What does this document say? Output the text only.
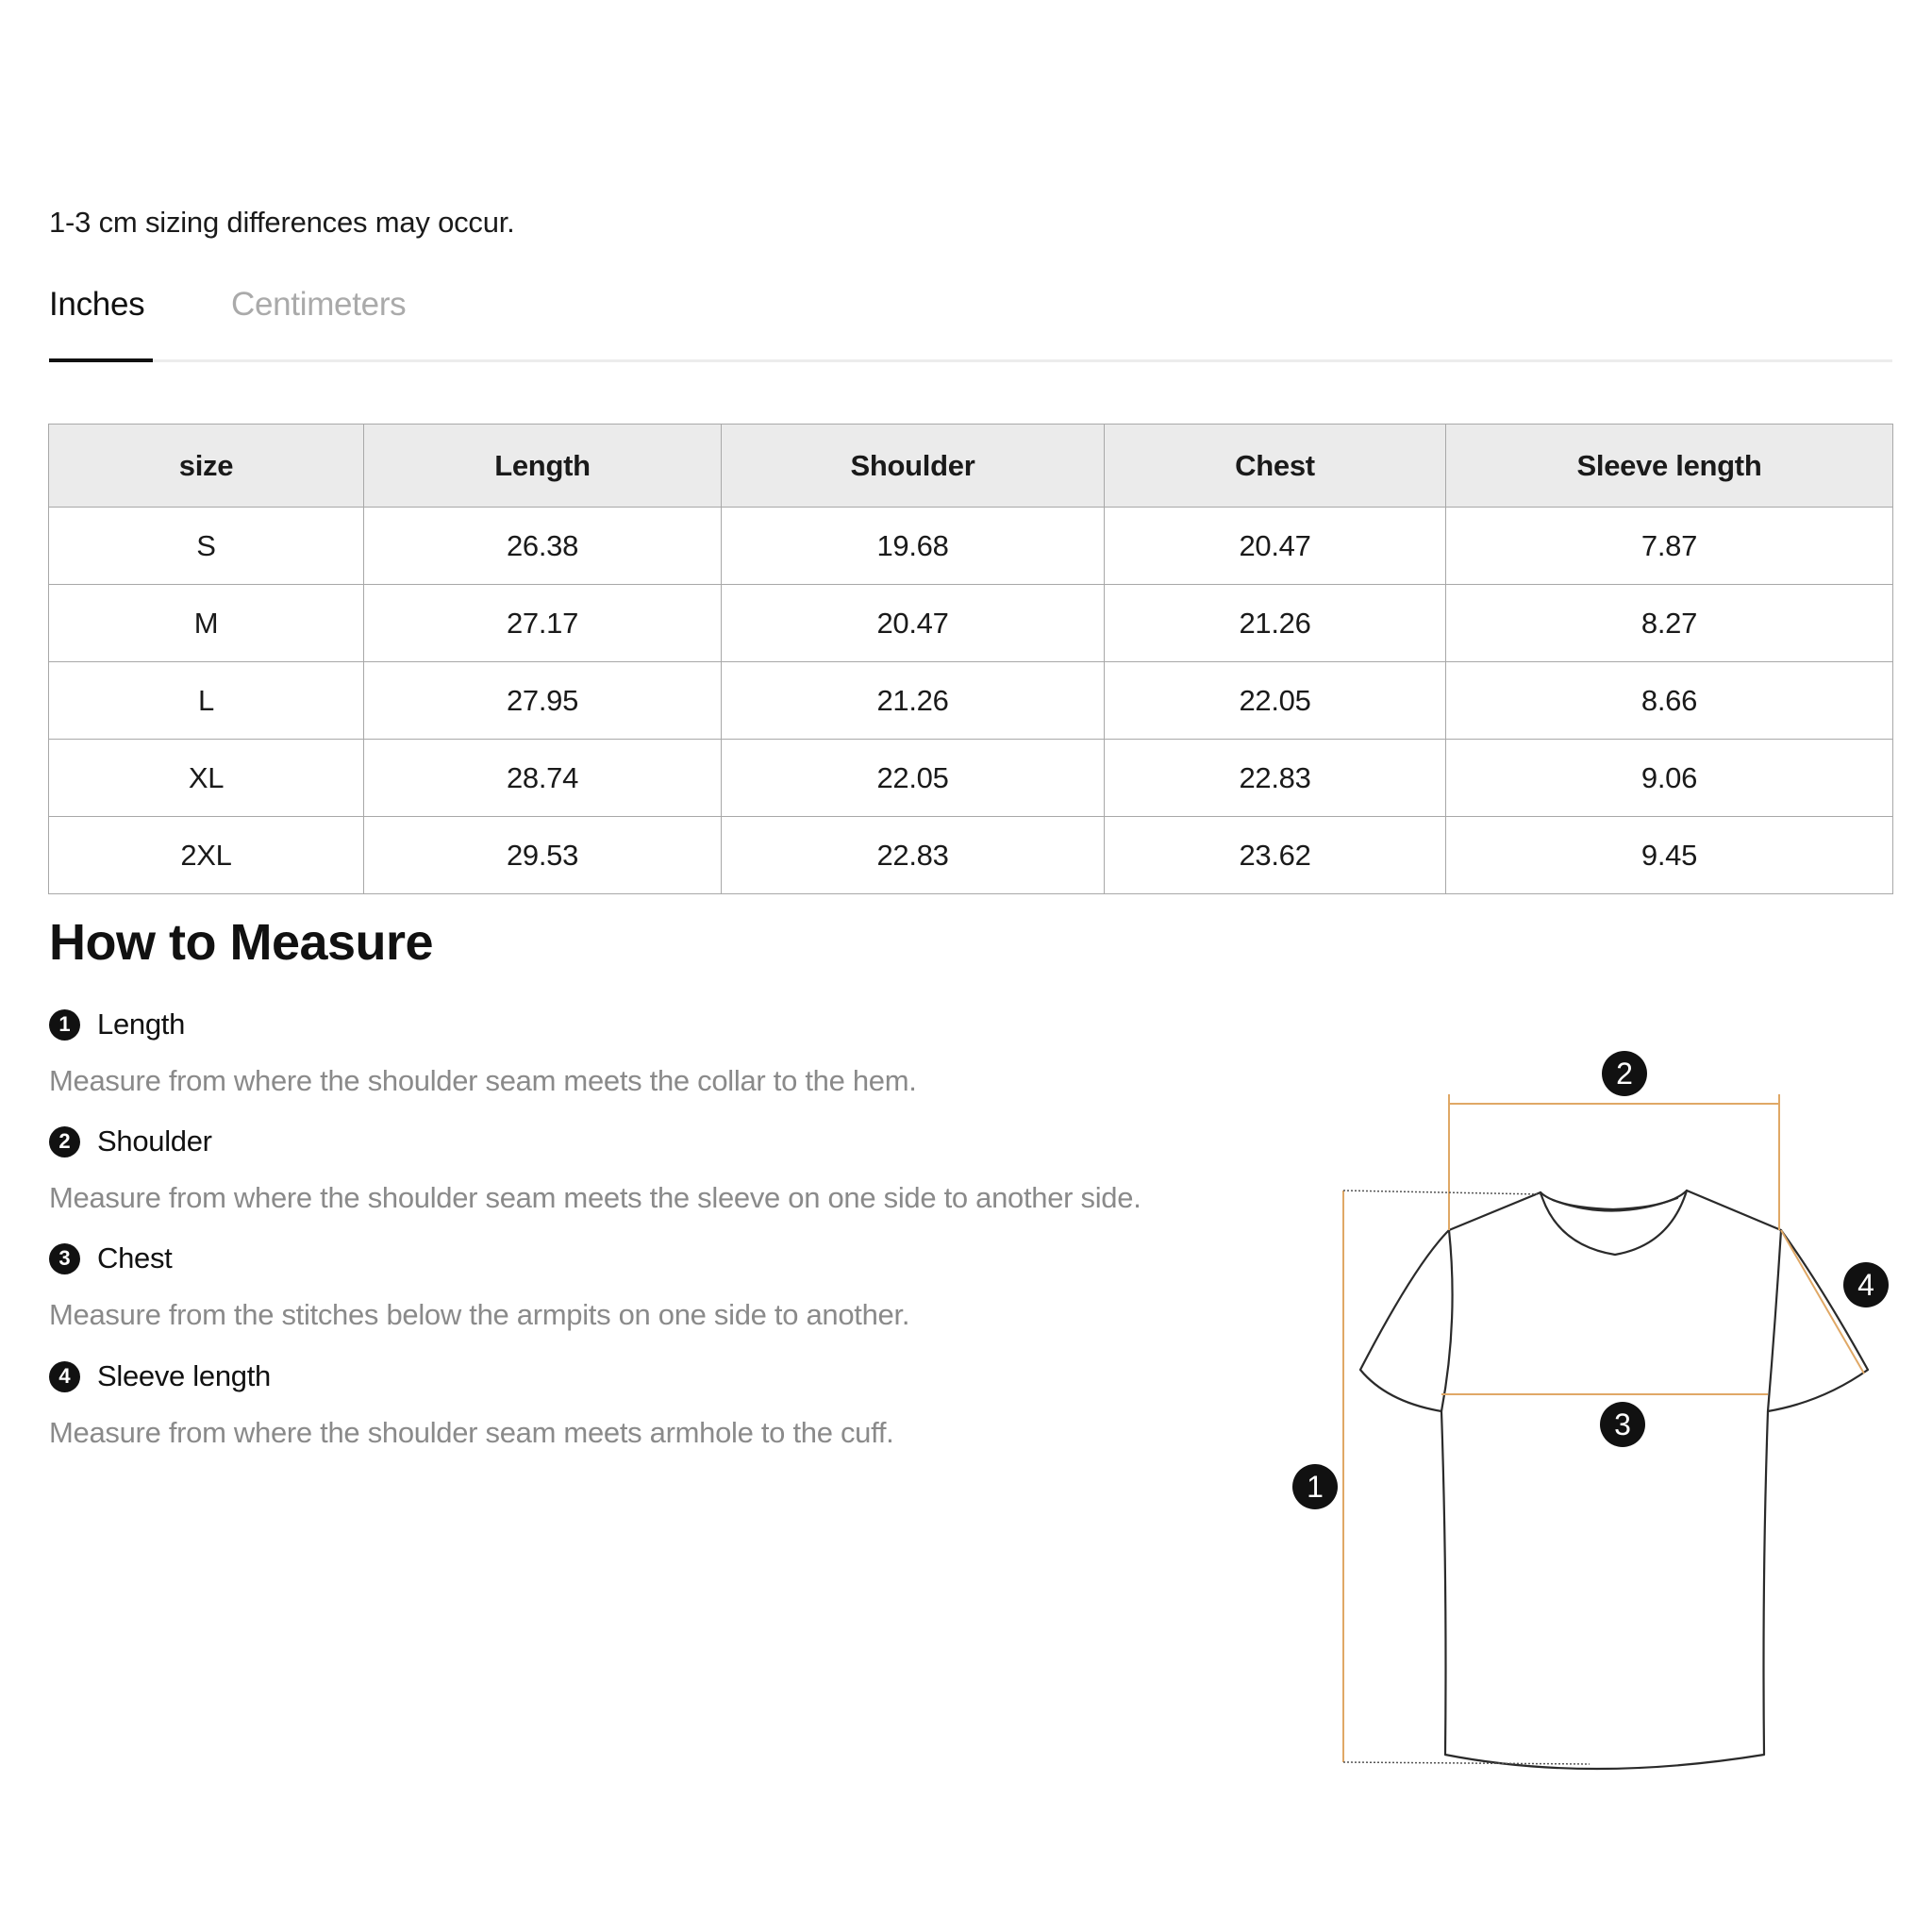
1-3 cm sizing differences may occur.
Inches	Centimeters
size	Length	Shoulder	Chest	Sleeve length
S	26.38	19.68	20.47	7.87
M	27.17	20.47	21.26	8.27
L	27.95	21.26	22.05	8.66
XL	28.74	22.05	22.83	9.06
2XL	29.53	22.83	23.62	9.45
How to Measure
1 Length
Measure from where the shoulder seam meets the collar to the hem.
2 Shoulder
Measure from where the shoulder seam meets the sleeve on one side to another side.
3 Chest
Measure from the stitches below the armpits on one side to another.
4 Sleeve length
Measure from where the shoulder seam meets armhole to the cuff.
2
4
3
1
